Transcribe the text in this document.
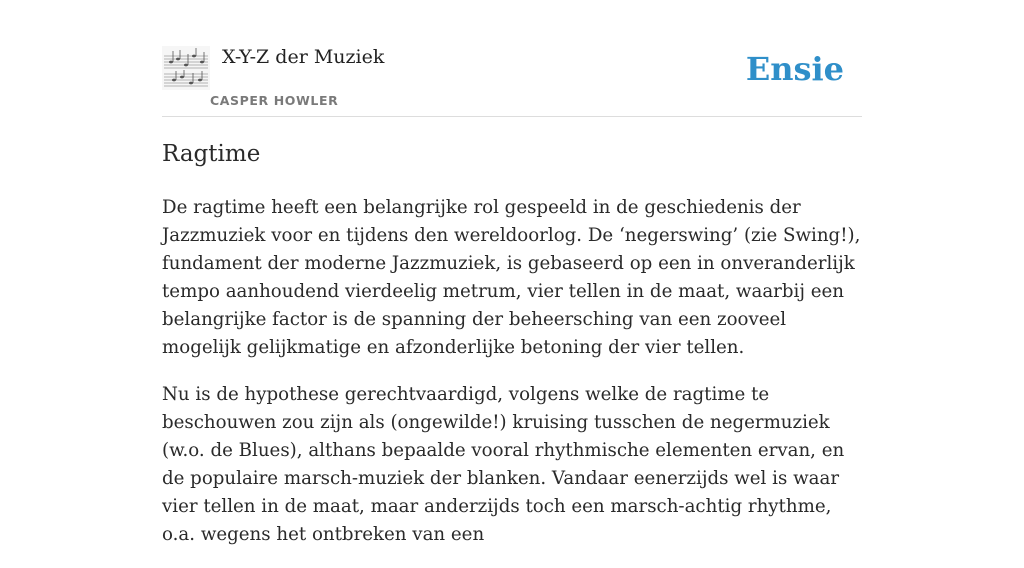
X-Y-Z der Muziek
CASPER HOWLER
Ensie
Ragtime

De ragtime heeft een belangrijke rol gespeeld in de geschiedenis der Jazzmuziek voor en tijdens den wereldoorlog. De ‘negerswing’ (zie Swing!), fundament der moderne Jazzmuziek, is gebaseerd op een in onveranderlijk tempo aanhoudend vierdeelig metrum, vier tellen in de maat, waarbij een belangrijke factor is de spanning der beheersching van een zooveel mogelijk gelijkmatige en afzonderlijke betoning der vier tellen.

Nu is de hypothese gerechtvaardigd, volgens welke de ragtime te beschouwen zou zijn als (ongewilde!) kruising tusschen de negermuziek (w.o. de Blues), althans bepaalde vooral rhythmische elementen ervan, en de populaire marsch-muziek der blanken. Vandaar eenerzijds wel is waar vier tellen in de maat, maar anderzijds toch een marsch-achtig rhythme, o.a. wegens het ontbreken van een
